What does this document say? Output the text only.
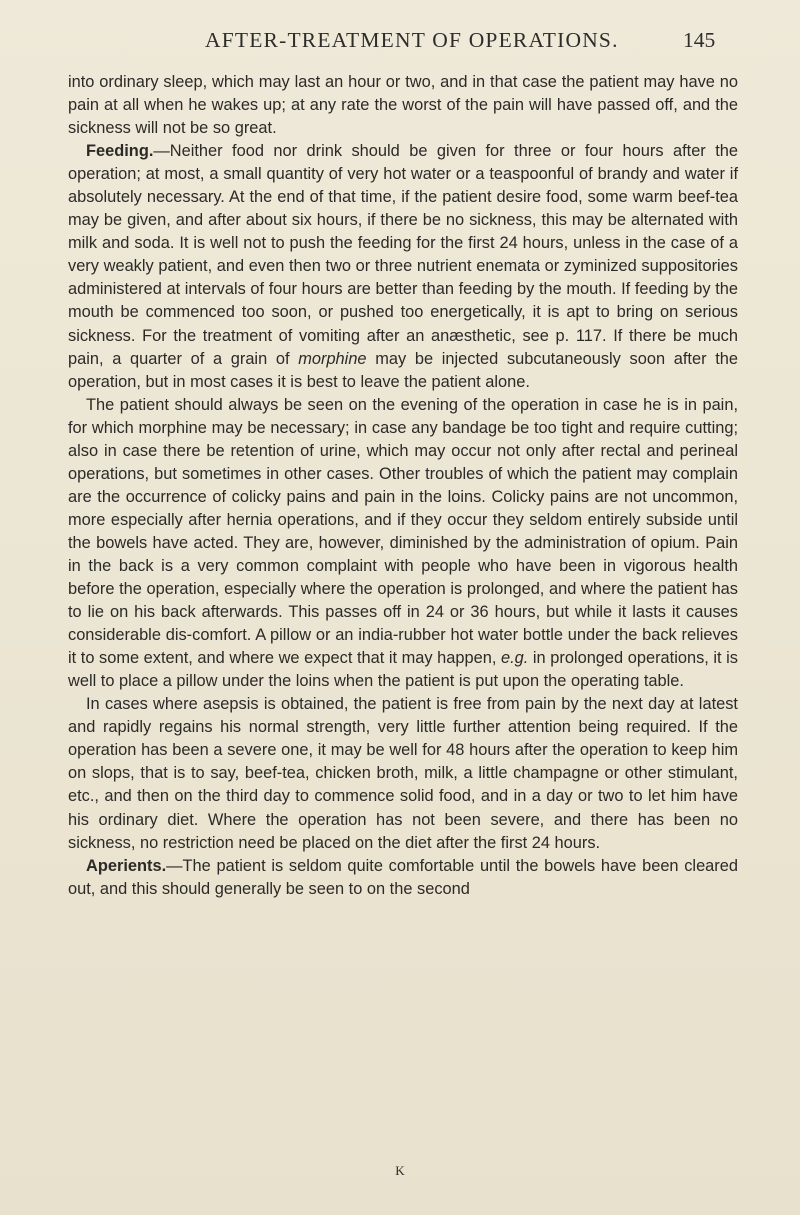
AFTER-TREATMENT OF OPERATIONS.	145

into ordinary sleep, which may last an hour or two, and in that case the patient may have no pain at all when he wakes up; at any rate the worst of the pain will have passed off, and the sickness will not be so great.

Feeding.—Neither food nor drink should be given for three or four hours after the operation; at most, a small quantity of very hot water or a teaspoonful of brandy and water if absolutely necessary. At the end of that time, if the patient desire food, some warm beef-tea may be given, and after about six hours, if there be no sickness, this may be alternated with milk and soda. It is well not to push the feeding for the first 24 hours, unless in the case of a very weakly patient, and even then two or three nutrient enemata or zyminized suppositories administered at intervals of four hours are better than feeding by the mouth. If feeding by the mouth be commenced too soon, or pushed too energetically, it is apt to bring on serious sickness. For the treatment of vomiting after an anæsthetic, see p. 117. If there be much pain, a quarter of a grain of morphine may be injected subcutaneously soon after the operation, but in most cases it is best to leave the patient alone.

The patient should always be seen on the evening of the operation in case he is in pain, for which morphine may be necessary; in case any bandage be too tight and require cutting; also in case there be retention of urine, which may occur not only after rectal and perineal operations, but sometimes in other cases. Other troubles of which the patient may complain are the occurrence of colicky pains and pain in the loins. Colicky pains are not uncommon, more especially after hernia operations, and if they occur they seldom entirely subside until the bowels have acted. They are, however, diminished by the administration of opium. Pain in the back is a very common complaint with people who have been in vigorous health before the operation, especially where the operation is prolonged, and where the patient has to lie on his back afterwards. This passes off in 24 or 36 hours, but while it lasts it causes considerable dis-comfort. A pillow or an india-rubber hot water bottle under the back relieves it to some extent, and where we expect that it may happen, e.g. in prolonged operations, it is well to place a pillow under the loins when the patient is put upon the operating table.

In cases where asepsis is obtained, the patient is free from pain by the next day at latest and rapidly regains his normal strength, very little further attention being required. If the operation has been a severe one, it may be well for 48 hours after the operation to keep him on slops, that is to say, beef-tea, chicken broth, milk, a little champagne or other stimulant, etc., and then on the third day to commence solid food, and in a day or two to let him have his ordinary diet. Where the operation has not been severe, and there has been no sickness, no restriction need be placed on the diet after the first 24 hours.

Aperients.—The patient is seldom quite comfortable until the bowels have been cleared out, and this should generally be seen to on the second

K
